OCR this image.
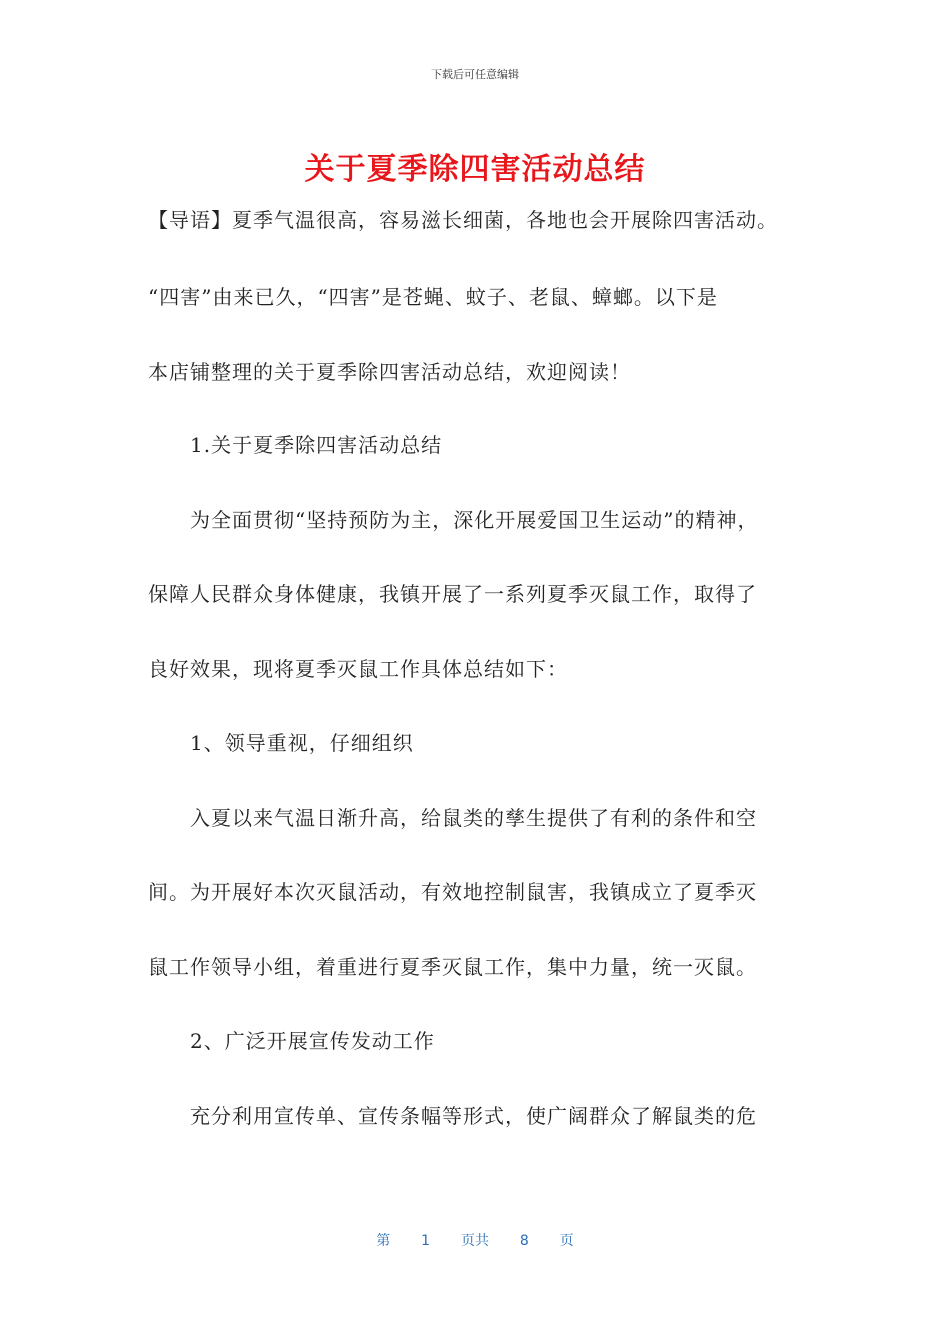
下载后可任意编辑
关于夏季除四害活动总结
【导语】夏季气温很高，容易滋长细菌，各地也会开展除四害活动。
“四害”由来已久，“四害”是苍蝇、蚊子、老鼠、蟑螂。以下是
本店铺整理的关于夏季除四害活动总结，欢迎阅读！
1.关于夏季除四害活动总结
为全面贯彻“坚持预防为主，深化开展爱国卫生运动”的精神，
保障人民群众身体健康，我镇开展了一系列夏季灭鼠工作，取得了
良好效果，现将夏季灭鼠工作具体总结如下：
1、领导重视，仔细组织
入夏以来气温日渐升高，给鼠类的孳生提供了有利的条件和空
间。为开展好本次灭鼠活动，有效地控制鼠害，我镇成立了夏季灭
鼠工作领导小组，着重进行夏季灭鼠工作，集中力量，统一灭鼠。
2、广泛开展宣传发动工作
充分利用宣传单、宣传条幅等形式，使广阔群众了解鼠类的危
第 1 页共 8 页
